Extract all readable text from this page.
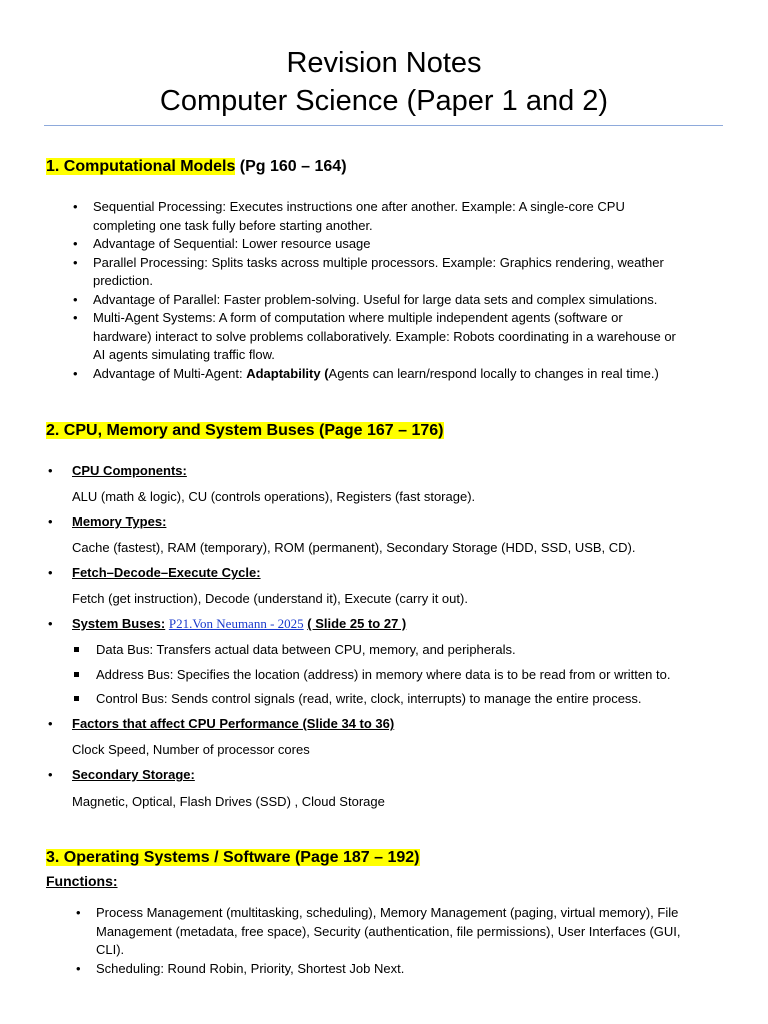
Revision Notes
Computer Science (Paper 1 and 2)
1. Computational Models (Pg 160 – 164)
• Sequential Processing: Executes instructions one after another. Example: A single-core CPU
completing one task fully before starting another.
• Advantage of Sequential: Lower resource usage
• Parallel Processing: Splits tasks across multiple processors. Example: Graphics rendering, weather
prediction.
• Advantage of Parallel: Faster problem-solving. Useful for large data sets and complex simulations.
• Multi-Agent Systems: A form of computation where multiple independent agents (software or
hardware) interact to solve problems collaboratively. Example: Robots coordinating in a warehouse or
AI agents simulating traffic flow.
• Advantage of Multi-Agent: Adaptability (Agents can learn/respond locally to changes in real time.)
2. CPU, Memory and System Buses (Page 167 – 176)
• CPU Components:
ALU (math & logic), CU (controls operations), Registers (fast storage).
• Memory Types:
Cache (fastest), RAM (temporary), ROM (permanent), Secondary Storage (HDD, SSD, USB, CD).
• Fetch–Decode–Execute Cycle:
Fetch (get instruction), Decode (understand it), Execute (carry it out).
• System Buses: P21.Von Neumann - 2025 ( Slide 25 to 27 )
Data Bus: Transfers actual data between CPU, memory, and peripherals.
Address Bus: Specifies the location (address) in memory where data is to be read from or written to.
Control Bus: Sends control signals (read, write, clock, interrupts) to manage the entire process.
• Factors that affect CPU Performance (Slide 34 to 36)
Clock Speed, Number of processor cores
• Secondary Storage:
Magnetic, Optical, Flash Drives (SSD) , Cloud Storage
3. Operating Systems / Software (Page 187 – 192)
Functions:
• Process Management (multitasking, scheduling), Memory Management (paging, virtual memory), File
Management (metadata, free space), Security (authentication, file permissions), User Interfaces (GUI,
CLI).
• Scheduling: Round Robin, Priority, Shortest Job Next.
